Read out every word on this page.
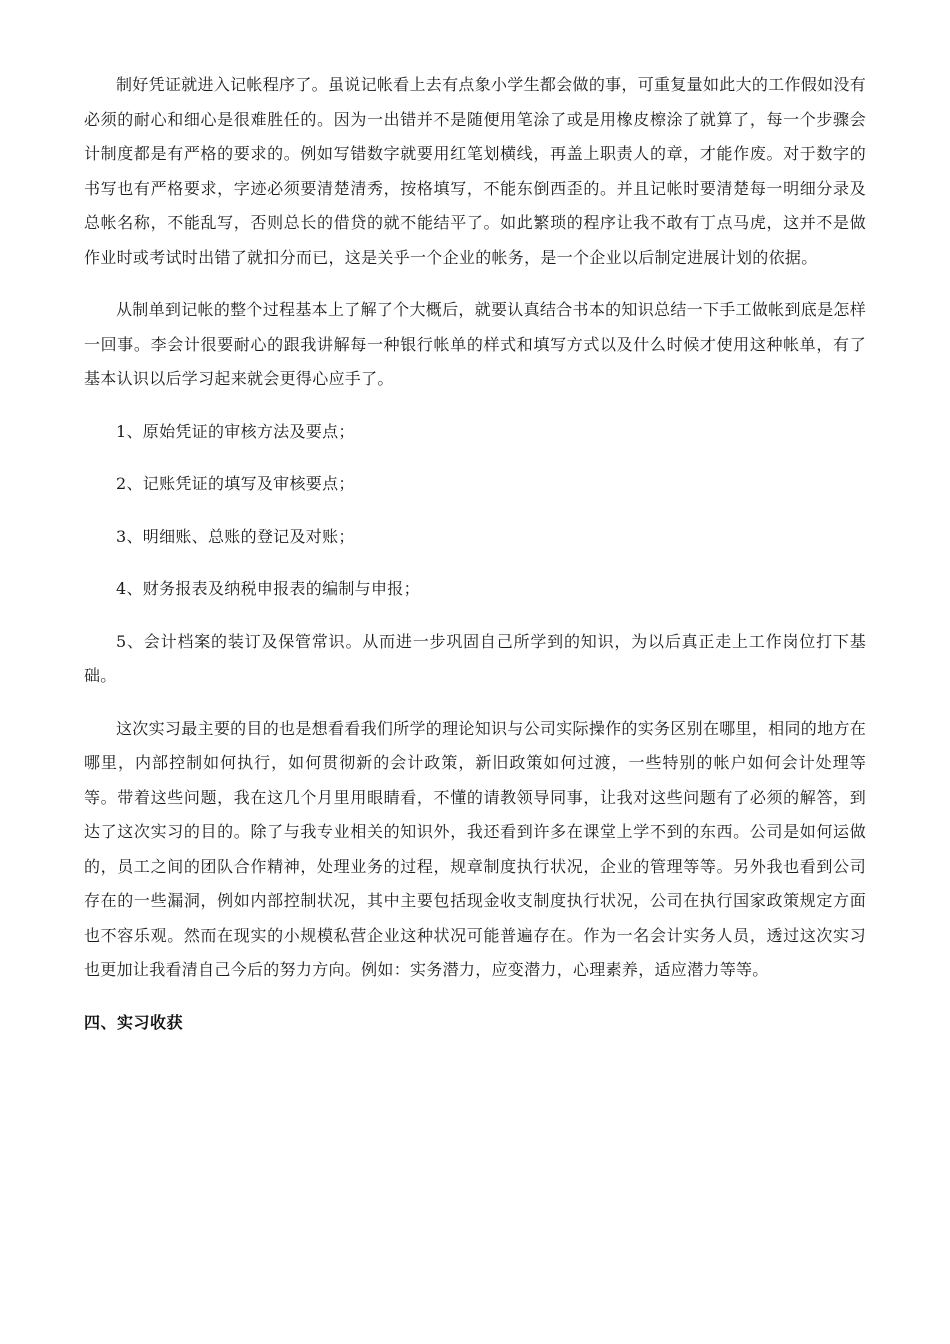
制好凭证就进入记帐程序了。虽说记帐看上去有点象小学生都会做的事，可重复量如此大的工作假如没有必须的耐心和细心是很难胜任的。因为一出错并不是随便用笔涂了或是用橡皮檫涂了就算了，每一个步骤会计制度都是有严格的要求的。例如写错数字就要用红笔划横线，再盖上职责人的章，才能作废。对于数字的书写也有严格要求，字迹必须要清楚清秀，按格填写，不能东倒西歪的。并且记帐时要清楚每一明细分录及总帐名称，不能乱写，否则总长的借贷的就不能结平了。如此繁琐的程序让我不敢有丁点马虎，这并不是做作业时或考试时出错了就扣分而已，这是关乎一个企业的帐务，是一个企业以后制定进展计划的依据。

从制单到记帐的整个过程基本上了解了个大概后，就要认真结合书本的知识总结一下手工做帐到底是怎样一回事。李会计很要耐心的跟我讲解每一种银行帐单的样式和填写方式以及什么时候才使用这种帐单，有了基本认识以后学习起来就会更得心应手了。

1、原始凭证的审核方法及要点；

2、记账凭证的填写及审核要点；

3、明细账、总账的登记及对账；

4、财务报表及纳税申报表的编制与申报；

5、会计档案的装订及保管常识。从而进一步巩固自己所学到的知识，为以后真正走上工作岗位打下基础。

这次实习最主要的目的也是想看看我们所学的理论知识与公司实际操作的实务区别在哪里，相同的地方在哪里，内部控制如何执行，如何贯彻新的会计政策，新旧政策如何过渡，一些特别的帐户如何会计处理等等。带着这些问题，我在这几个月里用眼睛看，不懂的请教领导同事，让我对这些问题有了必须的解答，到达了这次实习的目的。除了与我专业相关的知识外，我还看到许多在课堂上学不到的东西。公司是如何运做的，员工之间的团队合作精神，处理业务的过程，规章制度执行状况，企业的管理等等。另外我也看到公司存在的一些漏洞，例如内部控制状况，其中主要包括现金收支制度执行状况，公司在执行国家政策规定方面也不容乐观。然而在现实的小规模私营企业这种状况可能普遍存在。作为一名会计实务人员，透过这次实习也更加让我看清自己今后的努力方向。例如：实务潜力，应变潜力，心理素养，适应潜力等等。

四、实习收获
